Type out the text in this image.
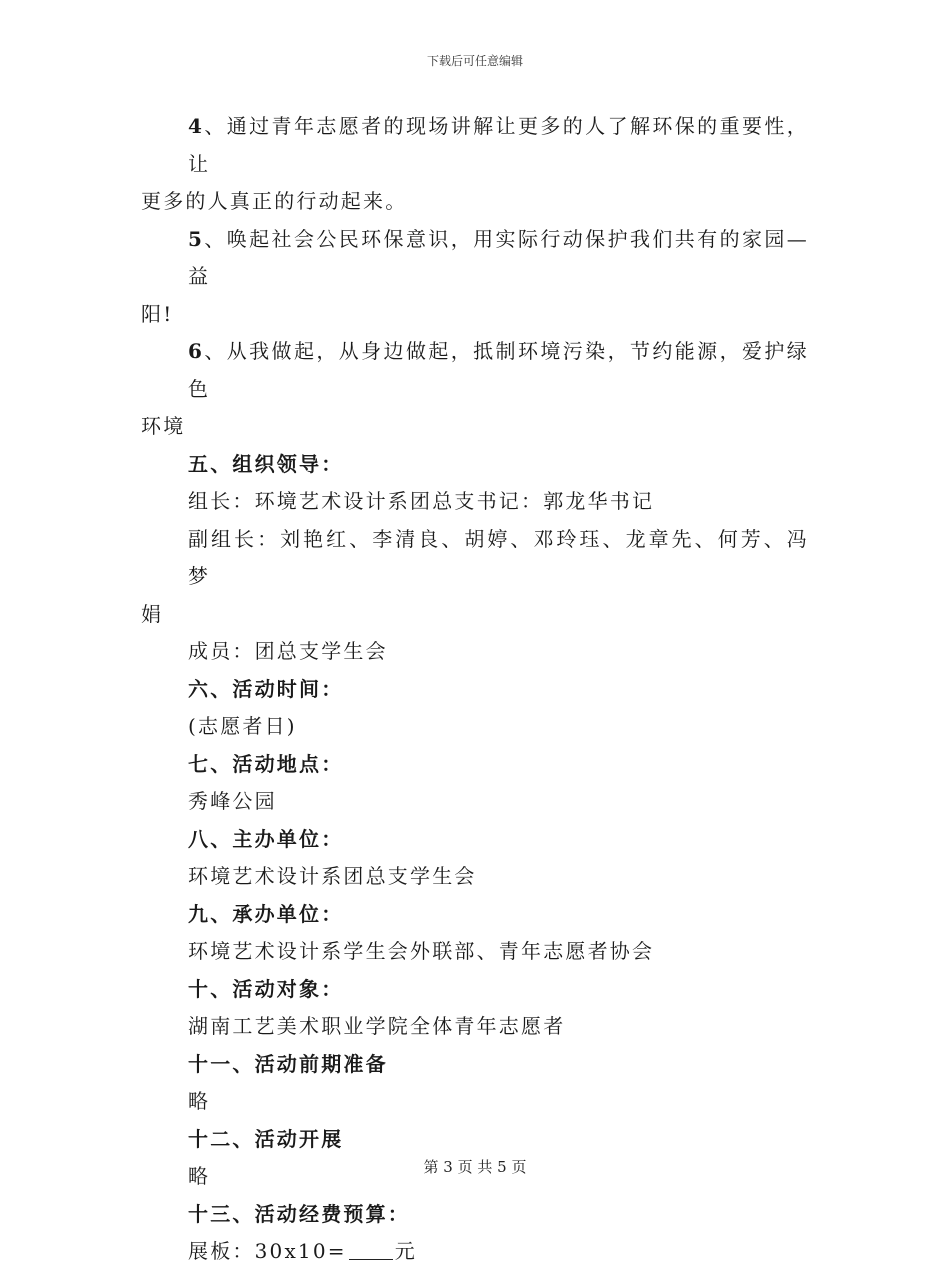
下载后可任意编辑
4、通过青年志愿者的现场讲解让更多的人了解环保的重要性，让
更多的人真正的行动起来。
5、唤起社会公民环保意识，用实际行动保护我们共有的家园—益
阳!
6、从我做起，从身边做起，抵制环境污染，节约能源，爱护绿色
环境
五、组织领导：
组长：环境艺术设计系团总支书记：郭龙华书记
副组长：刘艳红、李清良、胡婷、邓玲珏、龙章先、何芳、冯梦
娟
成员：团总支学生会
六、活动时间：
(志愿者日)
七、活动地点：
秀峰公园
八、主办单位：
环境艺术设计系团总支学生会
九、承办单位：
环境艺术设计系学生会外联部、青年志愿者协会
十、活动对象：
湖南工艺美术职业学院全体青年志愿者
十一、活动前期准备
略
十二、活动开展
略
十三、活动经费预算：
展板：30x10= 元
第 3 页 共 5 页
